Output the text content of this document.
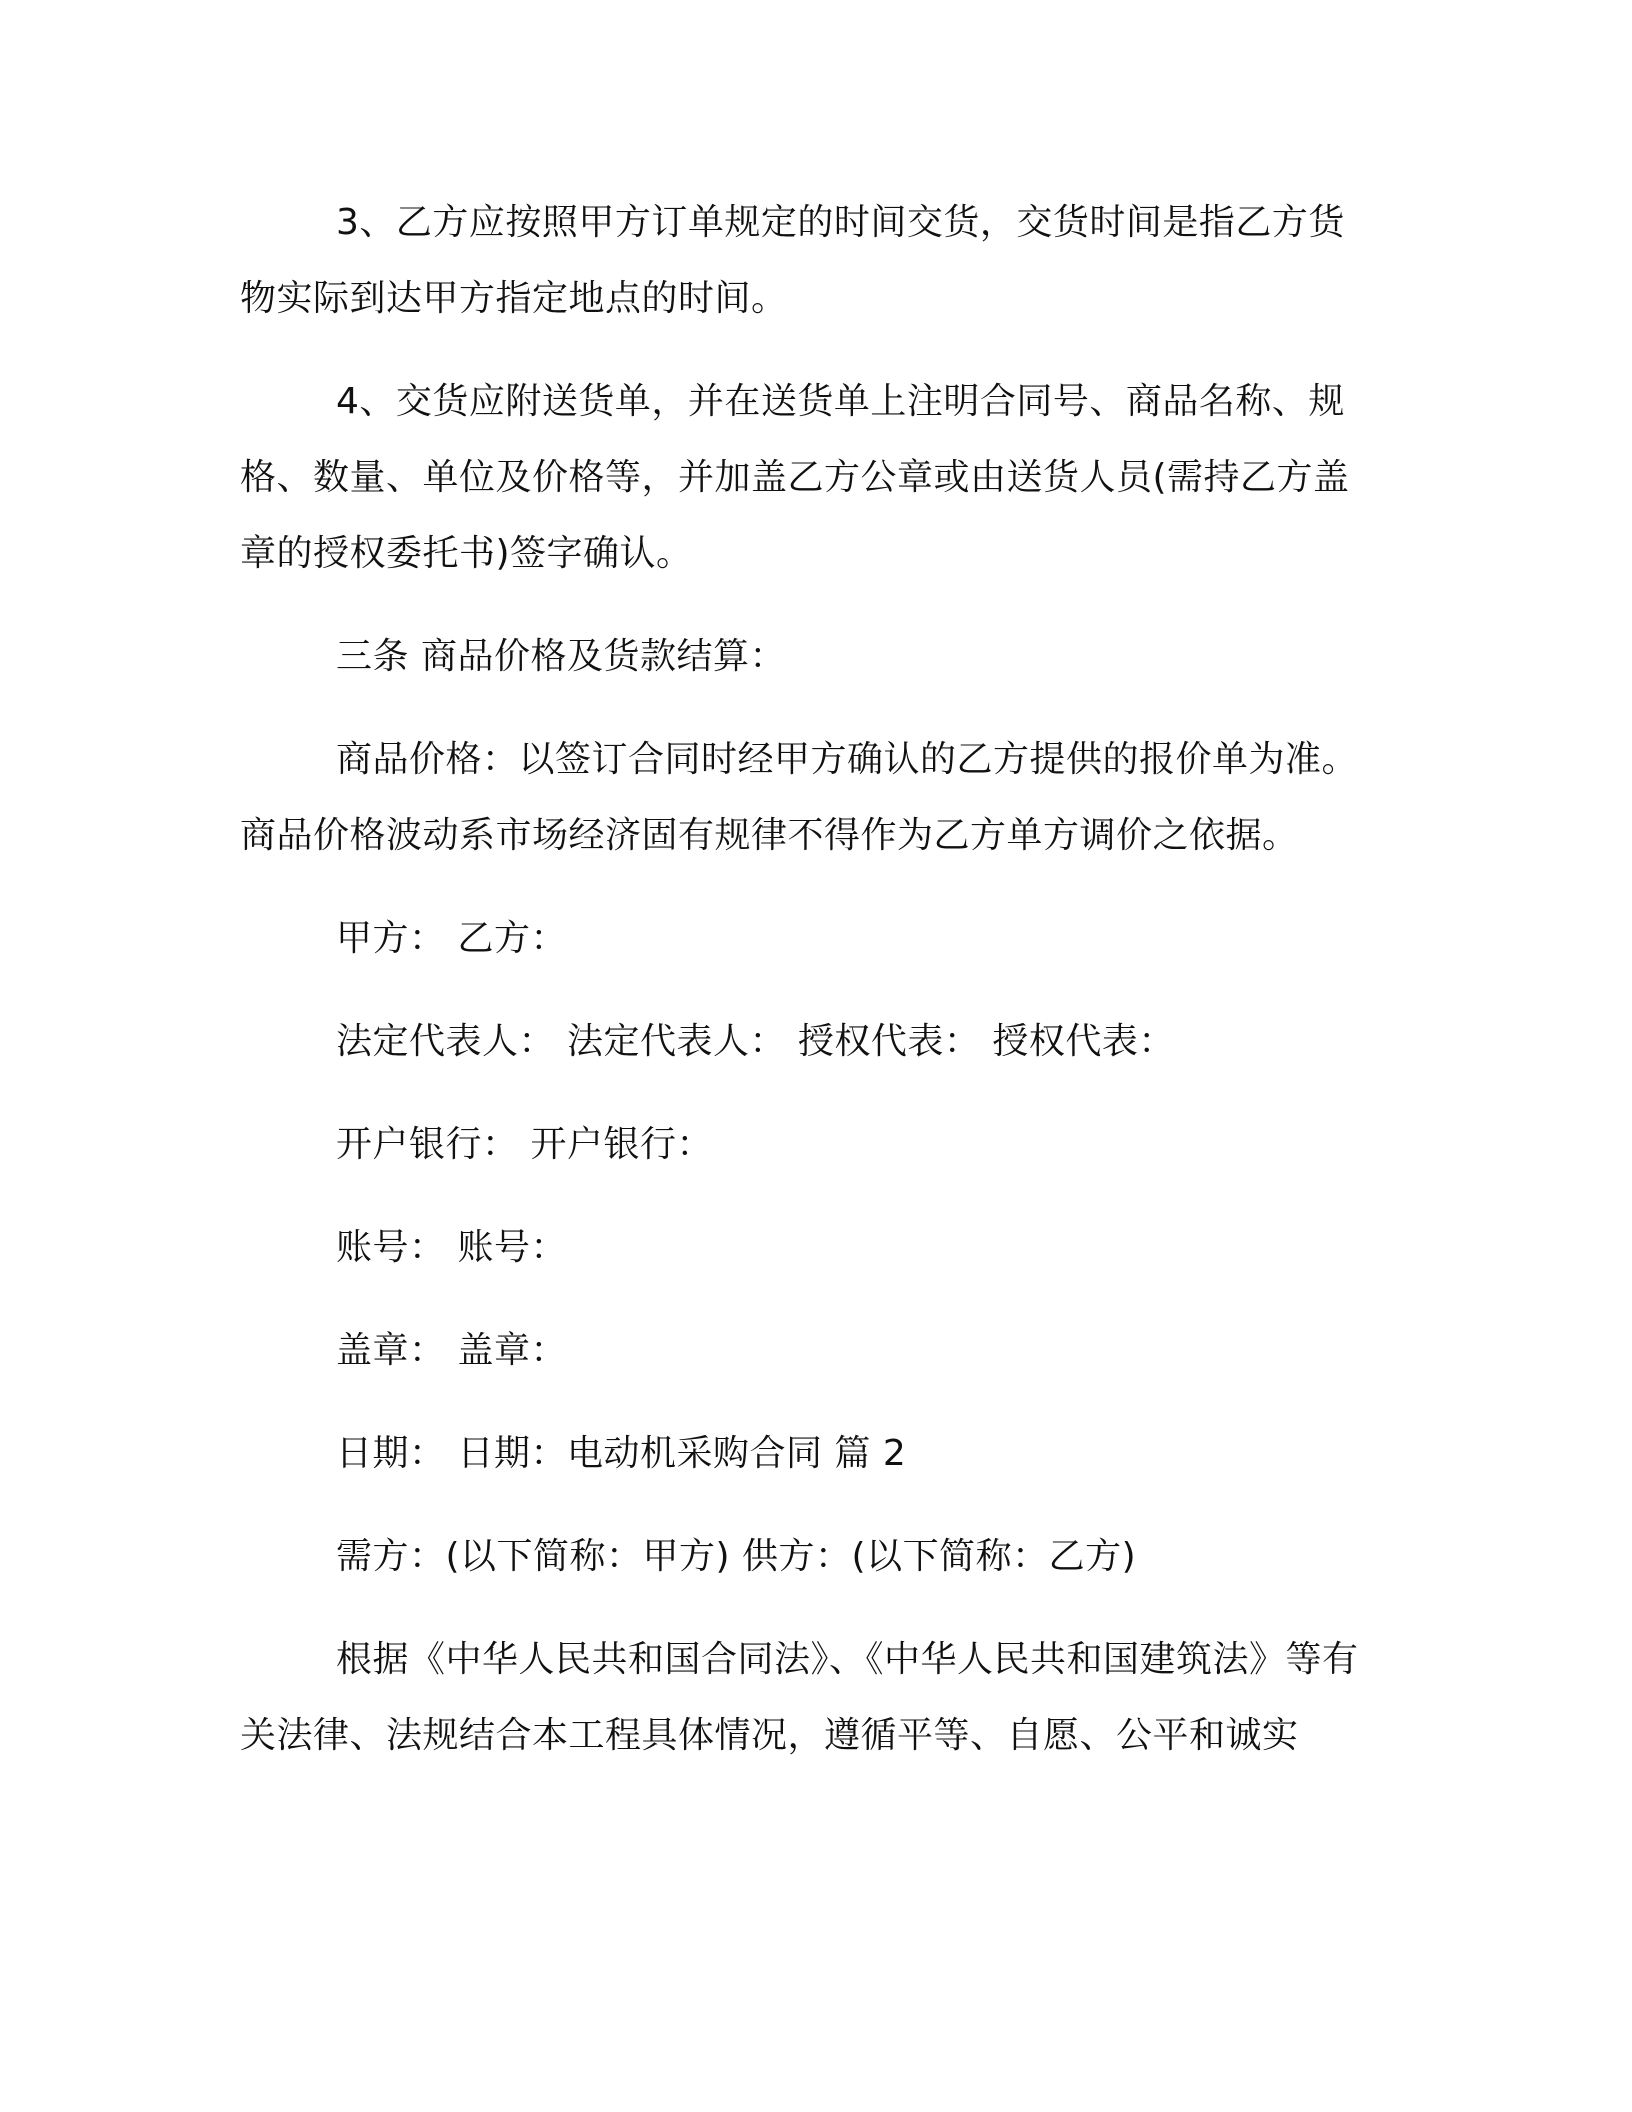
3、乙方应按照甲方订单规定的时间交货，交货时间是指乙方货物实际到达甲方指定地点的时间。

4、交货应附送货单，并在送货单上注明合同号、商品名称、规格、数量、单位及价格等，并加盖乙方公章或由送货人员(需持乙方盖章的授权委托书)签字确认。

三条 商品价格及货款结算：

商品价格：以签订合同时经甲方确认的乙方提供的报价单为准。商品价格波动系市场经济固有规律不得作为乙方单方调价之依据。

甲方： 乙方：

法定代表人： 法定代表人： 授权代表： 授权代表：

开户银行： 开户银行：

账号： 账号：

盖章： 盖章：

日期： 日期：电动机采购合同 篇 2

需方：(以下简称：甲方) 供方：(以下简称：乙方)

根据《中华人民共和国合同法》、《中华人民共和国建筑法》等有关法律、法规结合本工程具体情况，遵循平等、自愿、公平和诚实
